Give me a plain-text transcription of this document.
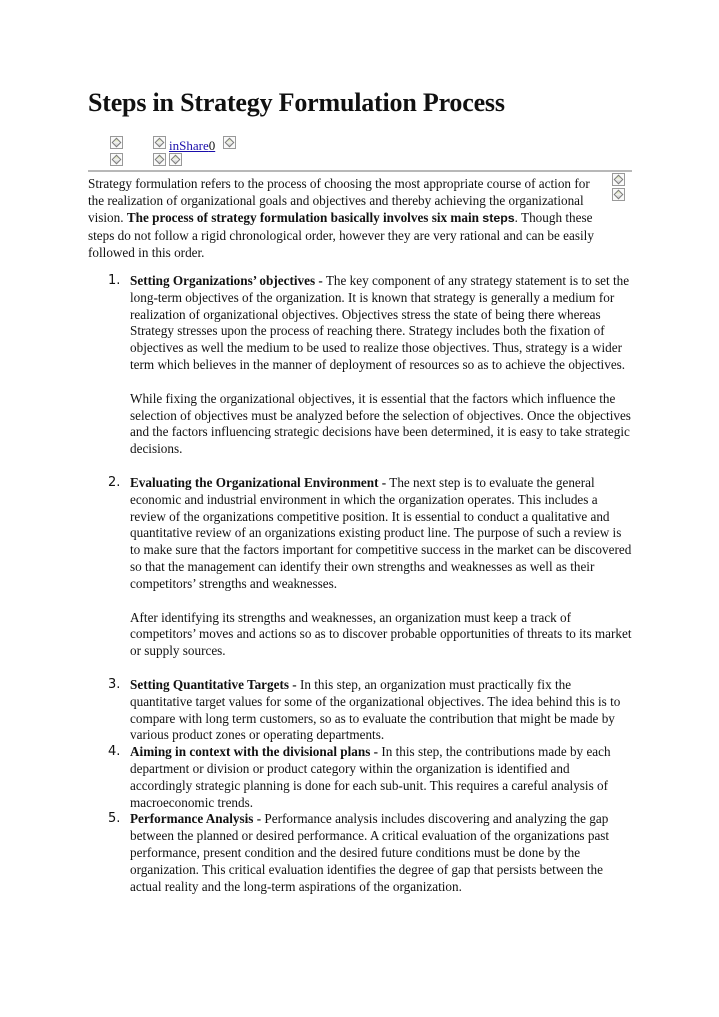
Steps in Strategy Formulation Process
inShare0

Strategy formulation refers to the process of choosing the most appropriate course of action for the realization of organizational goals and objectives and thereby achieving the organizational vision. The process of strategy formulation basically involves six main steps. Though these steps do not follow a rigid chronological order, however they are very rational and can be easily followed in this order.

1. Setting Organizations’ objectives - The key component of any strategy statement is to set the long-term objectives of the organization. It is known that strategy is generally a medium for realization of organizational objectives. Objectives stress the state of being there whereas Strategy stresses upon the process of reaching there. Strategy includes both the fixation of objectives as well the medium to be used to realize those objectives. Thus, strategy is a wider term which believes in the manner of deployment of resources so as to achieve the objectives.

While fixing the organizational objectives, it is essential that the factors which influence the selection of objectives must be analyzed before the selection of objectives. Once the objectives and the factors influencing strategic decisions have been determined, it is easy to take strategic decisions.

2. Evaluating the Organizational Environment - The next step is to evaluate the general economic and industrial environment in which the organization operates. This includes a review of the organizations competitive position. It is essential to conduct a qualitative and quantitative review of an organizations existing product line. The purpose of such a review is to make sure that the factors important for competitive success in the market can be discovered so that the management can identify their own strengths and weaknesses as well as their competitors’ strengths and weaknesses.

After identifying its strengths and weaknesses, an organization must keep a track of competitors’ moves and actions so as to discover probable opportunities of threats to its market or supply sources.

3. Setting Quantitative Targets - In this step, an organization must practically fix the quantitative target values for some of the organizational objectives. The idea behind this is to compare with long term customers, so as to evaluate the contribution that might be made by various product zones or operating departments.

4. Aiming in context with the divisional plans - In this step, the contributions made by each department or division or product category within the organization is identified and accordingly strategic planning is done for each sub-unit. This requires a careful analysis of macroeconomic trends.

5. Performance Analysis - Performance analysis includes discovering and analyzing the gap between the planned or desired performance. A critical evaluation of the organizations past performance, present condition and the desired future conditions must be done by the organization. This critical evaluation identifies the degree of gap that persists between the actual reality and the long-term aspirations of the organization.
